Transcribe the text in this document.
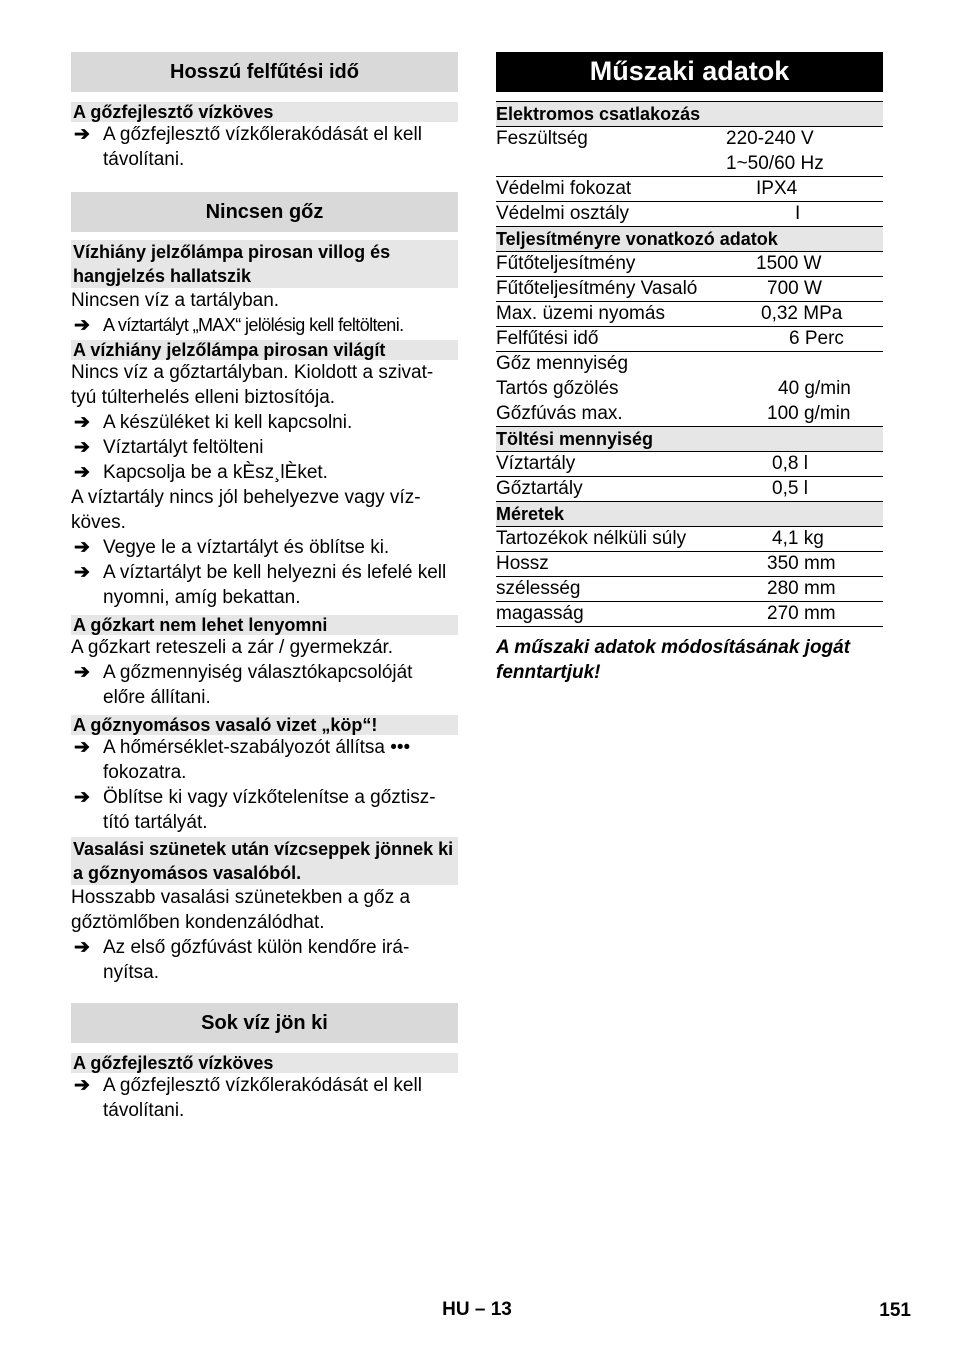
Hosszú felfűtési idő
A gőzfejlesztő vízköves
➔ A gőzfejlesztő vízkőlerakódását el kell távolítani.
Nincsen gőz
Vízhiány jelzőlámpa pirosan villog és hangjelzés hallatszik
Nincsen víz a tartályban.
➔ A víztartályt „MAX“ jelölésig kell feltölteni.
A vízhiány jelzőlámpa pirosan világít
Nincs víz a gőztartályban. Kioldott a szivat-tyú túlterhelés elleni biztosítója.
➔ A készüléket ki kell kapcsolni.
➔ Víztartályt feltölteni
➔ Kapcsolja be a kÈsz¸lÈket.
A víztartály nincs jól behelyezve vagy víz-köves.
➔ Vegye le a víztartályt és öblítse ki.
➔ A víztartályt be kell helyezni és lefelé kell nyomni, amíg bekattan.
A gőzkart nem lehet lenyomni
A gőzkart reteszeli a zár / gyermekzár.
➔ A gőzmennyiség választókapcsolóját előre állítani.
A gőznyomásos vasaló vizet „köp“!
➔ A hőmérséklet-szabályozót állítsa ••• fokozatra.
➔ Öblítse ki vagy vízkőtelenítse a gőztisz-tító tartályát.
Vasalási szünetek után vízcseppek jönnek ki a gőznyomásos vasalóból.
Hosszabb vasalási szünetekben a gőz a gőztömlőben kondenzálódhat.
➔ Az első gőzfúvást külön kendőre irá-nyítsa.
Sok víz jön ki
A gőzfejlesztő vízköves
➔ A gőzfejlesztő vízkőlerakódását el kell távolítani.
Műszaki adatok
Elektromos csatlakozás	
Feszültség	220-240 V
	1~50/60 Hz
Védelmi fokozat	IPX4
Védelmi osztály	I
Teljesítményre vonatkozó adatok	
Fűtőteljesítmény	1500 W
Fűtőteljesítmény Vasaló	700 W
Max. üzemi nyomás	0,32 MPa
Felfűtési idő	6 Perc
Gőz mennyiség	
Tartós gőzölés	40 g/min
Gőzfúvás max.	100 g/min
Töltési mennyiség	
Víztartály	0,8 l
Gőztartály	0,5 l
Méretek	
Tartozékok nélküli súly	4,1 kg
Hossz	350 mm
szélesség	280 mm
magasság	270 mm
A műszaki adatok módosításának jogát fenntartjuk!
HU – 13	151
